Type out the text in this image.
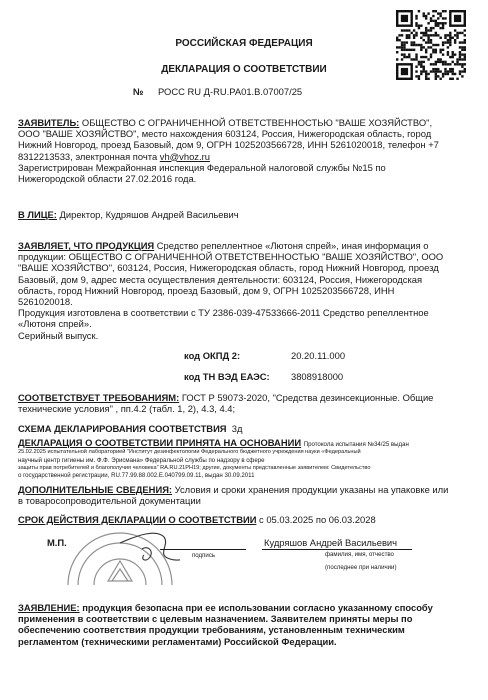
РОССИЙСКАЯ ФЕДЕРАЦИЯ
ДЕКЛАРАЦИЯ О СООТВЕТСТВИИ
№ РОСС RU Д-RU.РА01.В.07007/25
ЗАЯВИТЕЛЬ: ОБЩЕСТВО С ОГРАНИЧЕННОЙ ОТВЕТСТВЕННОСТЬЮ "ВАШЕ ХОЗЯЙСТВО",
ООО "ВАШЕ ХОЗЯЙСТВО", место нахождения 603124, Россия, Нижегородская область, город
Нижний Новгород, проезд Базовый, дом 9, ОГРН 1025203566728, ИНН 5261020018, телефон +7
8312213533, электронная почта vh@vhoz.ru
Зарегистрирован Межрайонная инспекция Федеральной налоговой службы №15 по
Нижегородской области 27.02.2016 года.
В ЛИЦЕ: Директор, Кудряшов Андрей Васильевич
ЗАЯВЛЯЕТ, ЧТО ПРОДУКЦИЯ Средство репеллентное «Лютоня спрей», иная информация о
продукции: ОБЩЕСТВО С ОГРАНИЧЕННОЙ ОТВЕТСТВЕННОСТЬЮ "ВАШЕ ХОЗЯЙСТВО", ООО
"ВАШЕ ХОЗЯЙСТВО", 603124, Россия, Нижегородская область, город Нижний Новгород, проезд
Базовый, дом 9, адрес места осуществления деятельности: 603124, Россия, Нижегородская
область, город Нижний Новгород, проезд Базовый, дом 9, ОГРН 1025203566728, ИНН
5261020018.
Продукция изготовлена в соответствии с ТУ 2386-039-47533666-2011 Средство репеллентное
«Лютоня спрей».
Серийный выпуск.
код ОКПД 2:	20.20.11.000
код ТН ВЭД ЕАЭС: 3808918000
СООТВЕТСТВУЕТ ТРЕБОВАНИЯМ: ГОСТ Р 59073-2020, "Средства дезинсекционные. Общие
технические условия" , пп.4.2 (табл. 1, 2), 4.3, 4.4;
СХЕМА ДЕКЛАРИРОВАНИЯ СООТВЕТСТВИЯ 3д
ДЕКЛАРАЦИЯ О СООТВЕТСТВИИ ПРИНЯТА НА ОСНОВАНИИ Протокола испытания №34/25 выдан
25.02.2025 испытательной лабораторией "Институт дезинфектологии Федерального бюджетного учреждения науки «Федеральный
научный центр гигиены им. Ф.Ф. Эрисмана» Федеральной службы по надзору в сфере
защиты прав потребителей и благополучия человека" RA.RU.21PH19; другие, документы представленные заявителем: Свидетельство
о государственной регистрации, RU.77.99.88.002.Е.040799.09.11, выдан 30.09.2011
ДОПОЛНИТЕЛЬНЫЕ СВЕДЕНИЯ: Условия и сроки хранения продукции указаны на упаковке или
в товаросопроводительной документации
СРОК ДЕЙСТВИЯ ДЕКЛАРАЦИИ О СООТВЕТСТВИИ с 05.03.2025 по 06.03.2028
М.П.
подпись
Кудряшов Андрей Васильевич
фамилия, имя, отчество
(последнее при наличии)
ЗАЯВЛЕНИЕ: продукция безопасна при ее использовании согласно указанному способу
применения в соответствии с целевым назначением. Заявителем приняты меры по
обеспечению соответствия продукции требованиям, установленным техническим
регламентом (техническими регламентами) Российской Федерации.
